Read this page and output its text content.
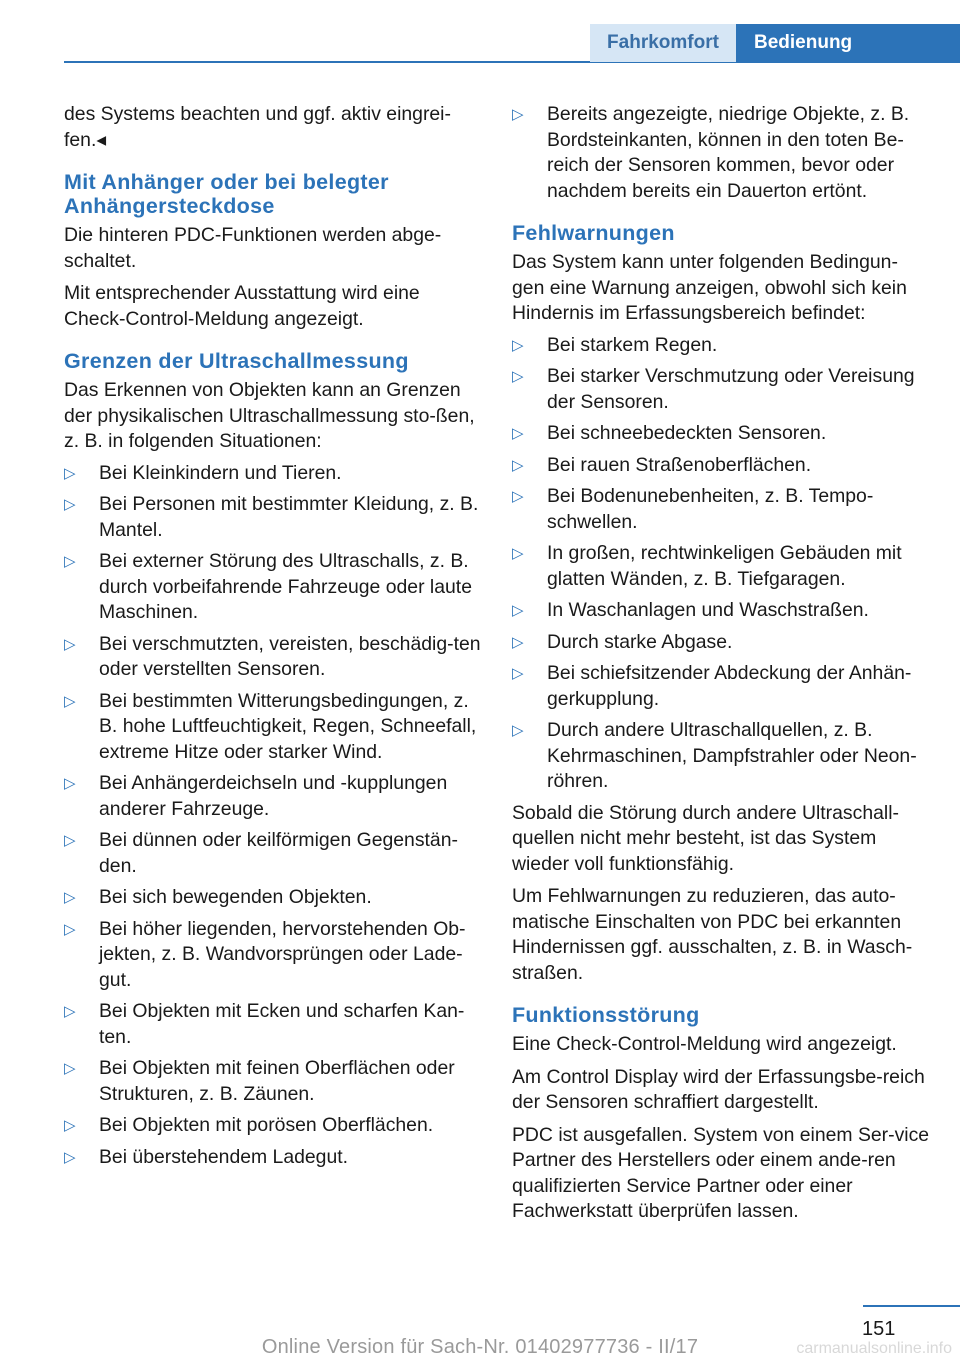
Fahrkomfort	Bedienung

des Systems beachten und ggf. aktiv eingrei-fen.◂

Mit Anhänger oder bei belegter Anhängersteckdose

Die hinteren PDC-Funktionen werden abge-schaltet.

Mit entsprechender Ausstattung wird eine Check-Control-Meldung angezeigt.

Grenzen der Ultraschallmessung

Das Erkennen von Objekten kann an Grenzen der physikalischen Ultraschallmessung sto-ßen, z. B. in folgenden Situationen:

▷ Bei Kleinkindern und Tieren.
▷ Bei Personen mit bestimmter Kleidung, z. B. Mantel.
▷ Bei externer Störung des Ultraschalls, z. B. durch vorbeifahrende Fahrzeuge oder laute Maschinen.
▷ Bei verschmutzten, vereisten, beschädig-ten oder verstellten Sensoren.
▷ Bei bestimmten Witterungsbedingungen, z. B. hohe Luftfeuchtigkeit, Regen, Schneefall, extreme Hitze oder starker Wind.
▷ Bei Anhängerdeichseln und -kupplungen anderer Fahrzeuge.
▷ Bei dünnen oder keilförmigen Gegenstän-den.
▷ Bei sich bewegenden Objekten.
▷ Bei höher liegenden, hervorstehenden Ob-jekten, z. B. Wandvorsprüngen oder Lade-gut.
▷ Bei Objekten mit Ecken und scharfen Kan-ten.
▷ Bei Objekten mit feinen Oberflächen oder Strukturen, z. B. Zäunen.
▷ Bei Objekten mit porösen Oberflächen.
▷ Bei überstehendem Ladegut.
▷ Bereits angezeigte, niedrige Objekte, z. B. Bordsteinkanten, können in den toten Be-reich der Sensoren kommen, bevor oder nachdem bereits ein Dauerton ertönt.
Fehlwarnungen

Das System kann unter folgenden Bedingun-gen eine Warnung anzeigen, obwohl sich kein Hindernis im Erfassungsbereich befindet:

▷ Bei starkem Regen.
▷ Bei starker Verschmutzung oder Vereisung der Sensoren.
▷ Bei schneebedeckten Sensoren.
▷ Bei rauen Straßenoberflächen.
▷ Bei Bodenunebenheiten, z. B. Tempo-schwellen.
▷ In großen, rechtwinkeligen Gebäuden mit glatten Wänden, z. B. Tiefgaragen.
▷ In Waschanlagen und Waschstraßen.
▷ Durch starke Abgase.
▷ Bei schiefsitzender Abdeckung der Anhän-gerkupplung.
▷ Durch andere Ultraschallquellen, z. B. Kehrmaschinen, Dampfstrahler oder Neon-röhren.

Sobald die Störung durch andere Ultraschall-quellen nicht mehr besteht, ist das System wieder voll funktionsfähig.

Um Fehlwarnungen zu reduzieren, das auto-matische Einschalten von PDC bei erkannten Hindernissen ggf. ausschalten, z. B. in Wasch-straßen.

Funktionsstörung

Eine Check-Control-Meldung wird angezeigt.

Am Control Display wird der Erfassungsbe-reich der Sensoren schraffiert dargestellt.

PDC ist ausgefallen. System von einem Ser-vice Partner des Herstellers oder einem ande-ren qualifizierten Service Partner oder einer Fachwerkstatt überprüfen lassen.

151
Online Version für Sach-Nr. 01402977736 - II/17	carmanualsonline.info
